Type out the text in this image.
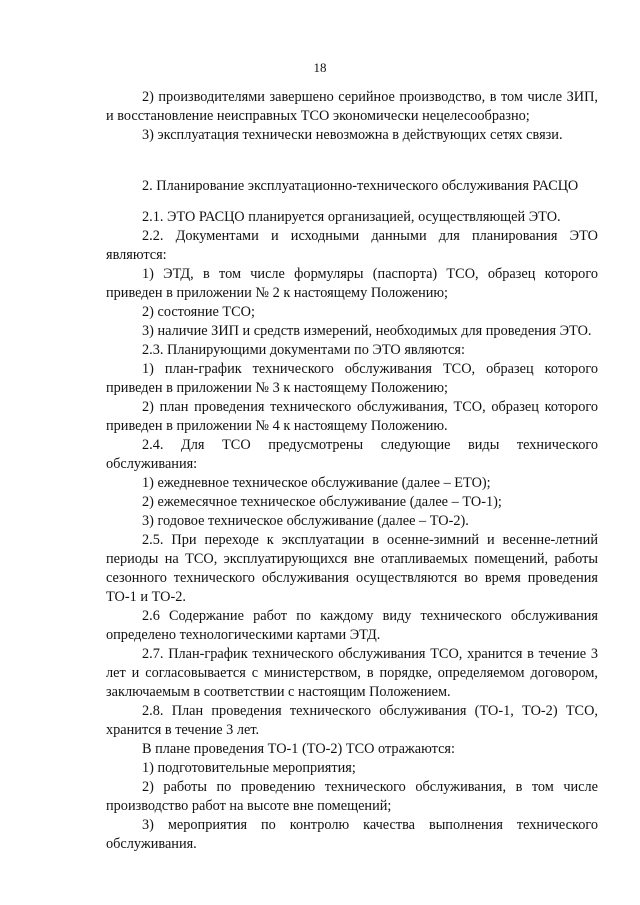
18

2) производителями завершено серийное производство, в том числе ЗИП, и восстановление неисправных ТСО экономически нецелесообразно;

3) эксплуатация технически невозможна в действующих сетях связи.

2. Планирование эксплуатационно-технического обслуживания РАСЦО

2.1. ЭТО РАСЦО планируется организацией, осуществляющей ЭТО.

2.2. Документами и исходными данными для планирования ЭТО являются:

1) ЭТД, в том числе формуляры (паспорта) ТСО, образец которого приведен в приложении № 2 к настоящему Положению;

2) состояние ТСО;

3) наличие ЗИП и средств измерений, необходимых для проведения ЭТО.

2.3. Планирующими документами по ЭТО являются:

1) план-график технического обслуживания ТСО, образец которого приведен в приложении № 3 к настоящему Положению;

2) план проведения технического обслуживания, ТСО, образец которого приведен в приложении № 4 к настоящему Положению.

2.4. Для ТСО предусмотрены следующие виды технического обслуживания:

1) ежедневное техническое обслуживание (далее – ЕТО);

2) ежемесячное техническое обслуживание (далее – ТО-1);

3) годовое техническое обслуживание (далее – ТО-2).

2.5. При переходе к эксплуатации в осенне-зимний и весенне-летний периоды на ТСО, эксплуатирующихся вне отапливаемых помещений, работы сезонного технического обслуживания осуществляются во время проведения ТО-1 и ТО-2.

2.6 Содержание работ по каждому виду технического обслуживания определено технологическими картами ЭТД.

2.7. План-график технического обслуживания ТСО, хранится в течение 3 лет и согласовывается с министерством, в порядке, определяемом договором, заключаемым в соответствии с настоящим Положением.

2.8. План проведения технического обслуживания (ТО-1, ТО-2) ТСО, хранится в течение 3 лет.

В плане проведения ТО-1 (ТО-2) ТСО отражаются:

1) подготовительные мероприятия;

2) работы по проведению технического обслуживания, в том числе производство работ на высоте вне помещений;

3) мероприятия по контролю качества выполнения технического обслуживания.
